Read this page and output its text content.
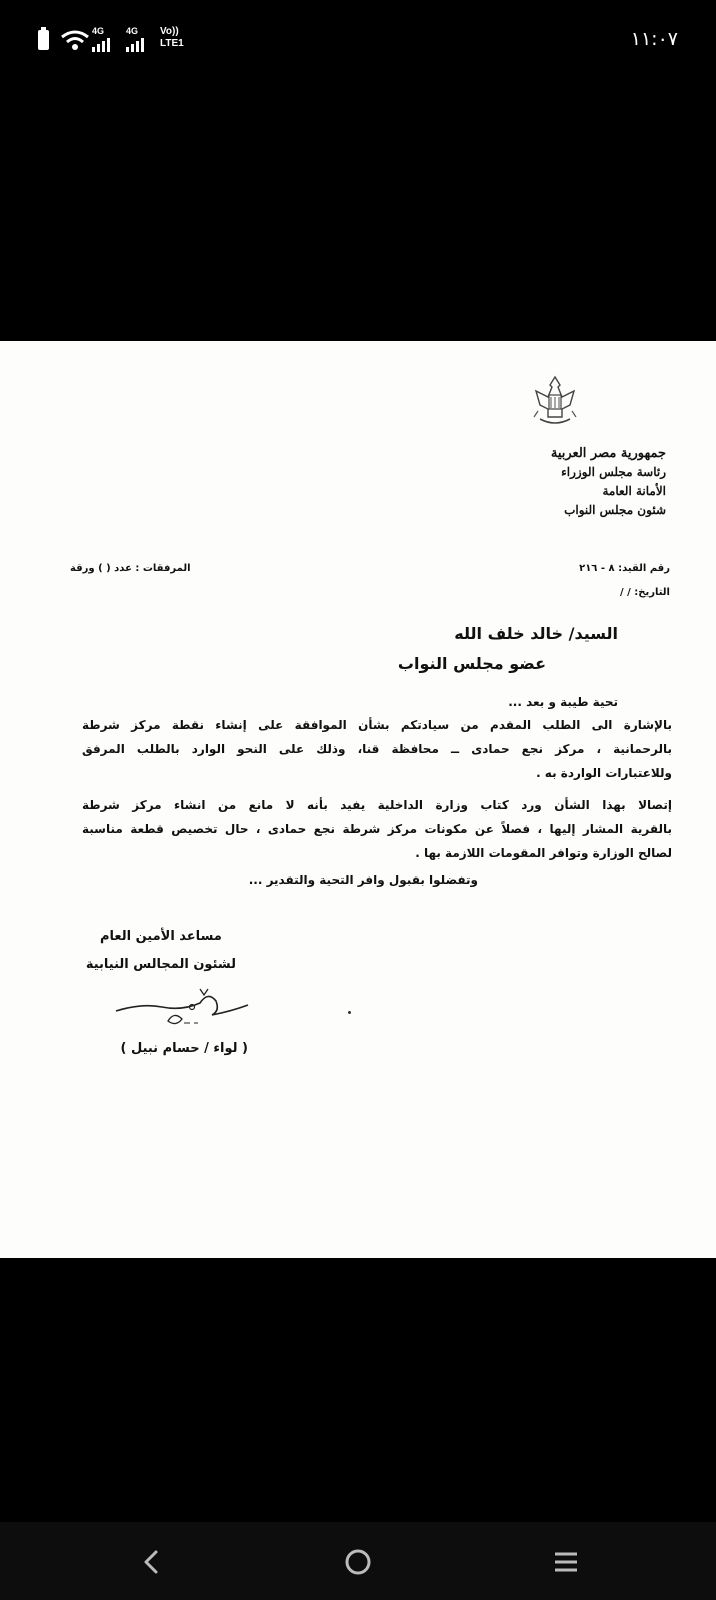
4G 4G Vo))
LTE1	١١:٠٧
جمهورية مصر العربية
رئاسة مجلس الوزراء
الأمانة العامة
شئون مجلس النواب
رقم القيد: ٨ - ٢١٦
التاريخ: / /
المرفقات : عدد ( ) ورقة
السيد/ خالد خلف الله
عضو مجلس النواب
تحية طيبة و بعد ...
بالإشارة الى الطلب المقدم من سيادتكم بشأن الموافقة على إنشاء نقطة مركز شرطة
بالرحمانية ، مركز نجع حمادى ــ محافظة قنا، وذلك على النحو الوارد بالطلب المرفق
وللاعتبارات الواردة به .
إتصالا بهذا الشأن ورد كتاب وزارة الداخلية يفيد بأنه لا مانع من انشاء مركز شرطة
بالقرية المشار إليها ، فصلاً عن مكونات مركز شرطة نجع حمادى ، حال تخصيص قطعة مناسبة
لصالح الوزارة وتوافر المقومات اللازمة بها .
وتفضلوا بقبول وافر التحية والتقدير ...
مساعد الأمين العام
لشئون المجالس النيابية
( لواء / حسام نبيل )
